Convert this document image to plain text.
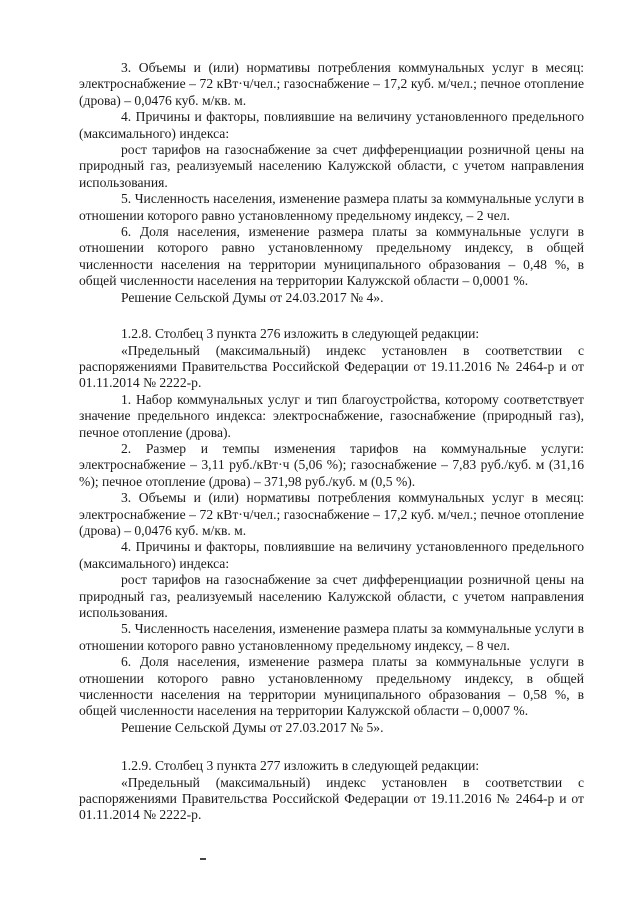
3. Объемы и (или) нормативы потребления коммунальных услуг в месяц: электроснабжение – 72 кВт·ч/чел.; газоснабжение – 17,2 куб. м/чел.; печное отопление (дрова) – 0,0476 куб. м/кв. м.

4. Причины и факторы, повлиявшие на величину установленного предельного (максимального) индекса:

рост тарифов на газоснабжение за счет дифференциации розничной цены на природный газ, реализуемый населению Калужской области, с учетом направления использования.

5. Численность населения, изменение размера платы за коммунальные услуги в отношении которого равно установленному предельному индексу, – 2 чел.

6. Доля населения, изменение размера платы за коммунальные услуги в отношении которого равно установленному предельному индексу, в общей численности населения на территории муниципального образования – 0,48 %, в общей численности населения на территории Калужской области – 0,0001 %.

Решение Сельской Думы от 24.03.2017 № 4».

1.2.8. Столбец 3 пункта 276 изложить в следующей редакции:

«Предельный (максимальный) индекс установлен в соответствии с распоряжениями Правительства Российской Федерации от 19.11.2016 № 2464-р и от 01.11.2014 № 2222-р.

1. Набор коммунальных услуг и тип благоустройства, которому соответствует значение предельного индекса: электроснабжение, газоснабжение (природный газ), печное отопление (дрова).

2. Размер и темпы изменения тарифов на коммунальные услуги: электроснабжение – 3,11 руб./кВт·ч (5,06 %); газоснабжение – 7,83 руб./куб. м (31,16 %); печное отопление (дрова) – 371,98 руб./куб. м (0,5 %).

3. Объемы и (или) нормативы потребления коммунальных услуг в месяц: электроснабжение – 72 кВт·ч/чел.; газоснабжение – 17,2 куб. м/чел.; печное отопление (дрова) – 0,0476 куб. м/кв. м.

4. Причины и факторы, повлиявшие на величину установленного предельного (максимального) индекса:

рост тарифов на газоснабжение за счет дифференциации розничной цены на природный газ, реализуемый населению Калужской области, с учетом направления использования.

5. Численность населения, изменение размера платы за коммунальные услуги в отношении которого равно установленному предельному индексу, – 8 чел.

6. Доля населения, изменение размера платы за коммунальные услуги в отношении которого равно установленному предельному индексу, в общей численности населения на территории муниципального образования – 0,58 %, в общей численности населения на территории Калужской области – 0,0007 %.

Решение Сельской Думы от 27.03.2017 № 5».

1.2.9. Столбец 3 пункта 277 изложить в следующей редакции:

«Предельный (максимальный) индекс установлен в соответствии с распоряжениями Правительства Российской Федерации от 19.11.2016 № 2464-р и от 01.11.2014 № 2222-р.
